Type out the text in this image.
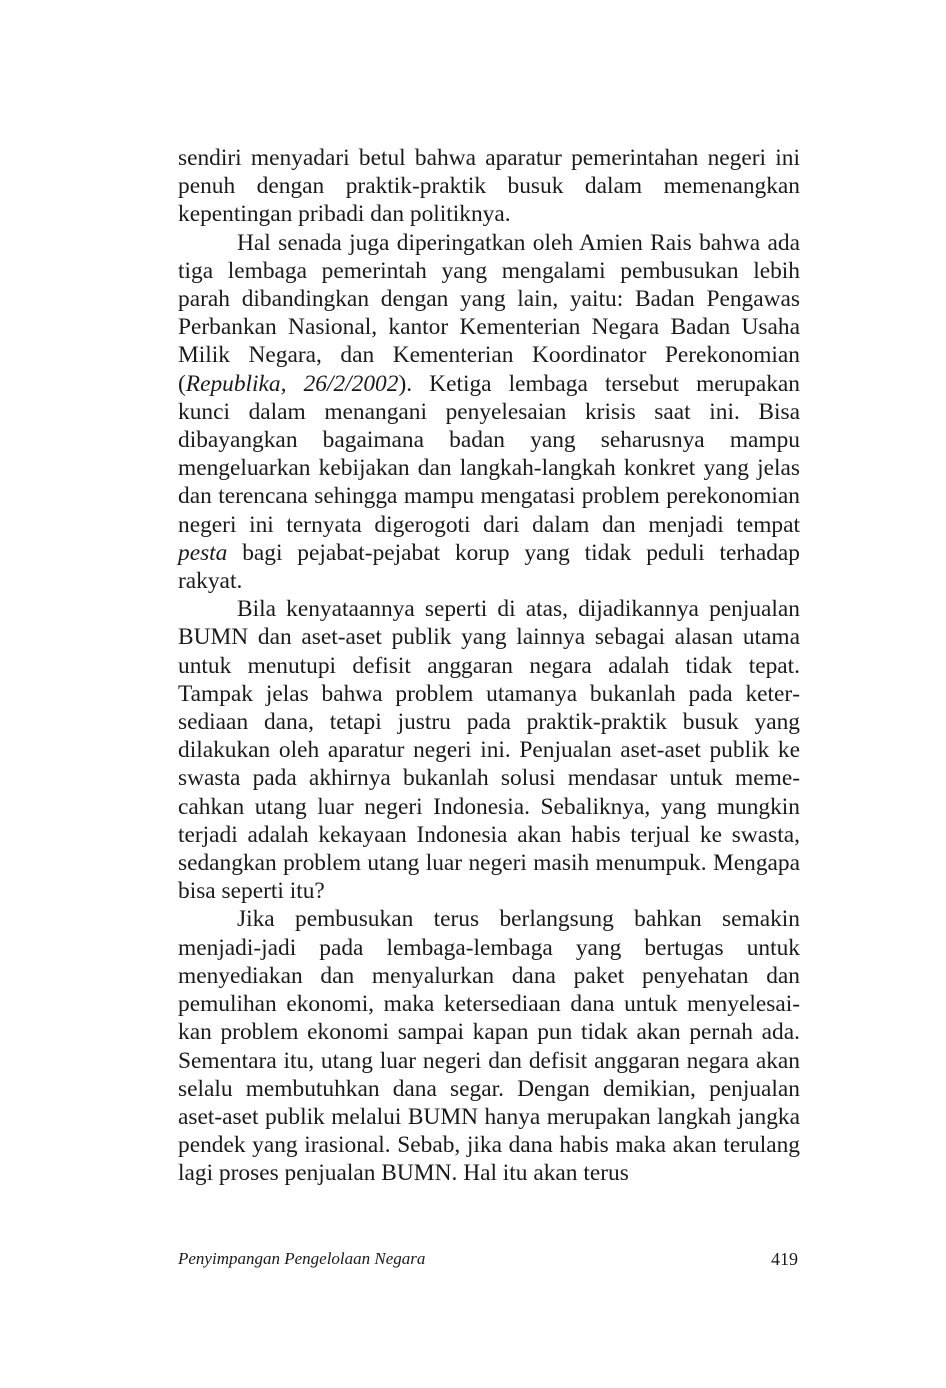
sendiri menyadari betul bahwa aparatur pemerintahan negeri ini penuh dengan praktik-praktik busuk dalam memenangkan kepentingan pribadi dan politiknya.

Hal senada juga diperingatkan oleh Amien Rais bahwa ada tiga lembaga pemerintah yang mengalami pembusukan lebih parah dibandingkan dengan yang lain, yaitu: Badan Pengawas Perbankan Nasional, kantor Kementerian Negara Badan Usaha Milik Negara, dan Kementerian Koordinator Perekonomian (Republika, 26/2/2002). Ketiga lembaga tersebut merupakan kunci dalam menangani penyelesaian krisis saat ini. Bisa dibayangkan bagaimana badan yang seharusnya mampu mengeluarkan kebijakan dan langkah-langkah konkret yang jelas dan terencana sehingga mampu mengatasi problem perekonomian negeri ini ternyata digerogoti dari dalam dan menjadi tempat pesta bagi pejabat-pejabat korup yang tidak peduli terhadap rakyat.

Bila kenyataannya seperti di atas, dijadikannya penjualan BUMN dan aset-aset publik yang lainnya sebagai alasan utama untuk menutupi defisit anggaran negara adalah tidak tepat. Tampak jelas bahwa problem utamanya bukanlah pada ketersediaan dana, tetapi justru pada praktik-praktik busuk yang dilakukan oleh aparatur negeri ini. Penjualan aset-aset publik ke swasta pada akhirnya bukanlah solusi mendasar untuk memecahkan utang luar negeri Indonesia. Sebaliknya, yang mungkin terjadi adalah kekayaan Indonesia akan habis terjual ke swasta, sedangkan problem utang luar negeri masih menumpuk. Mengapa bisa seperti itu?

Jika pembusukan terus berlangsung bahkan semakin menjadi-jadi pada lembaga-lembaga yang bertugas untuk menyediakan dan menyalurkan dana paket penyehatan dan pemulihan ekonomi, maka ketersediaan dana untuk menyelesaikan problem ekonomi sampai kapan pun tidak akan pernah ada. Sementara itu, utang luar negeri dan defisit anggaran negara akan selalu membutuhkan dana segar. Dengan demikian, penjualan aset-aset publik melalui BUMN hanya merupakan langkah jangka pendek yang irasional. Sebab, jika dana habis maka akan terulang lagi proses penjualan BUMN. Hal itu akan terus

Penyimpangan Pengelolaan Negara	419
